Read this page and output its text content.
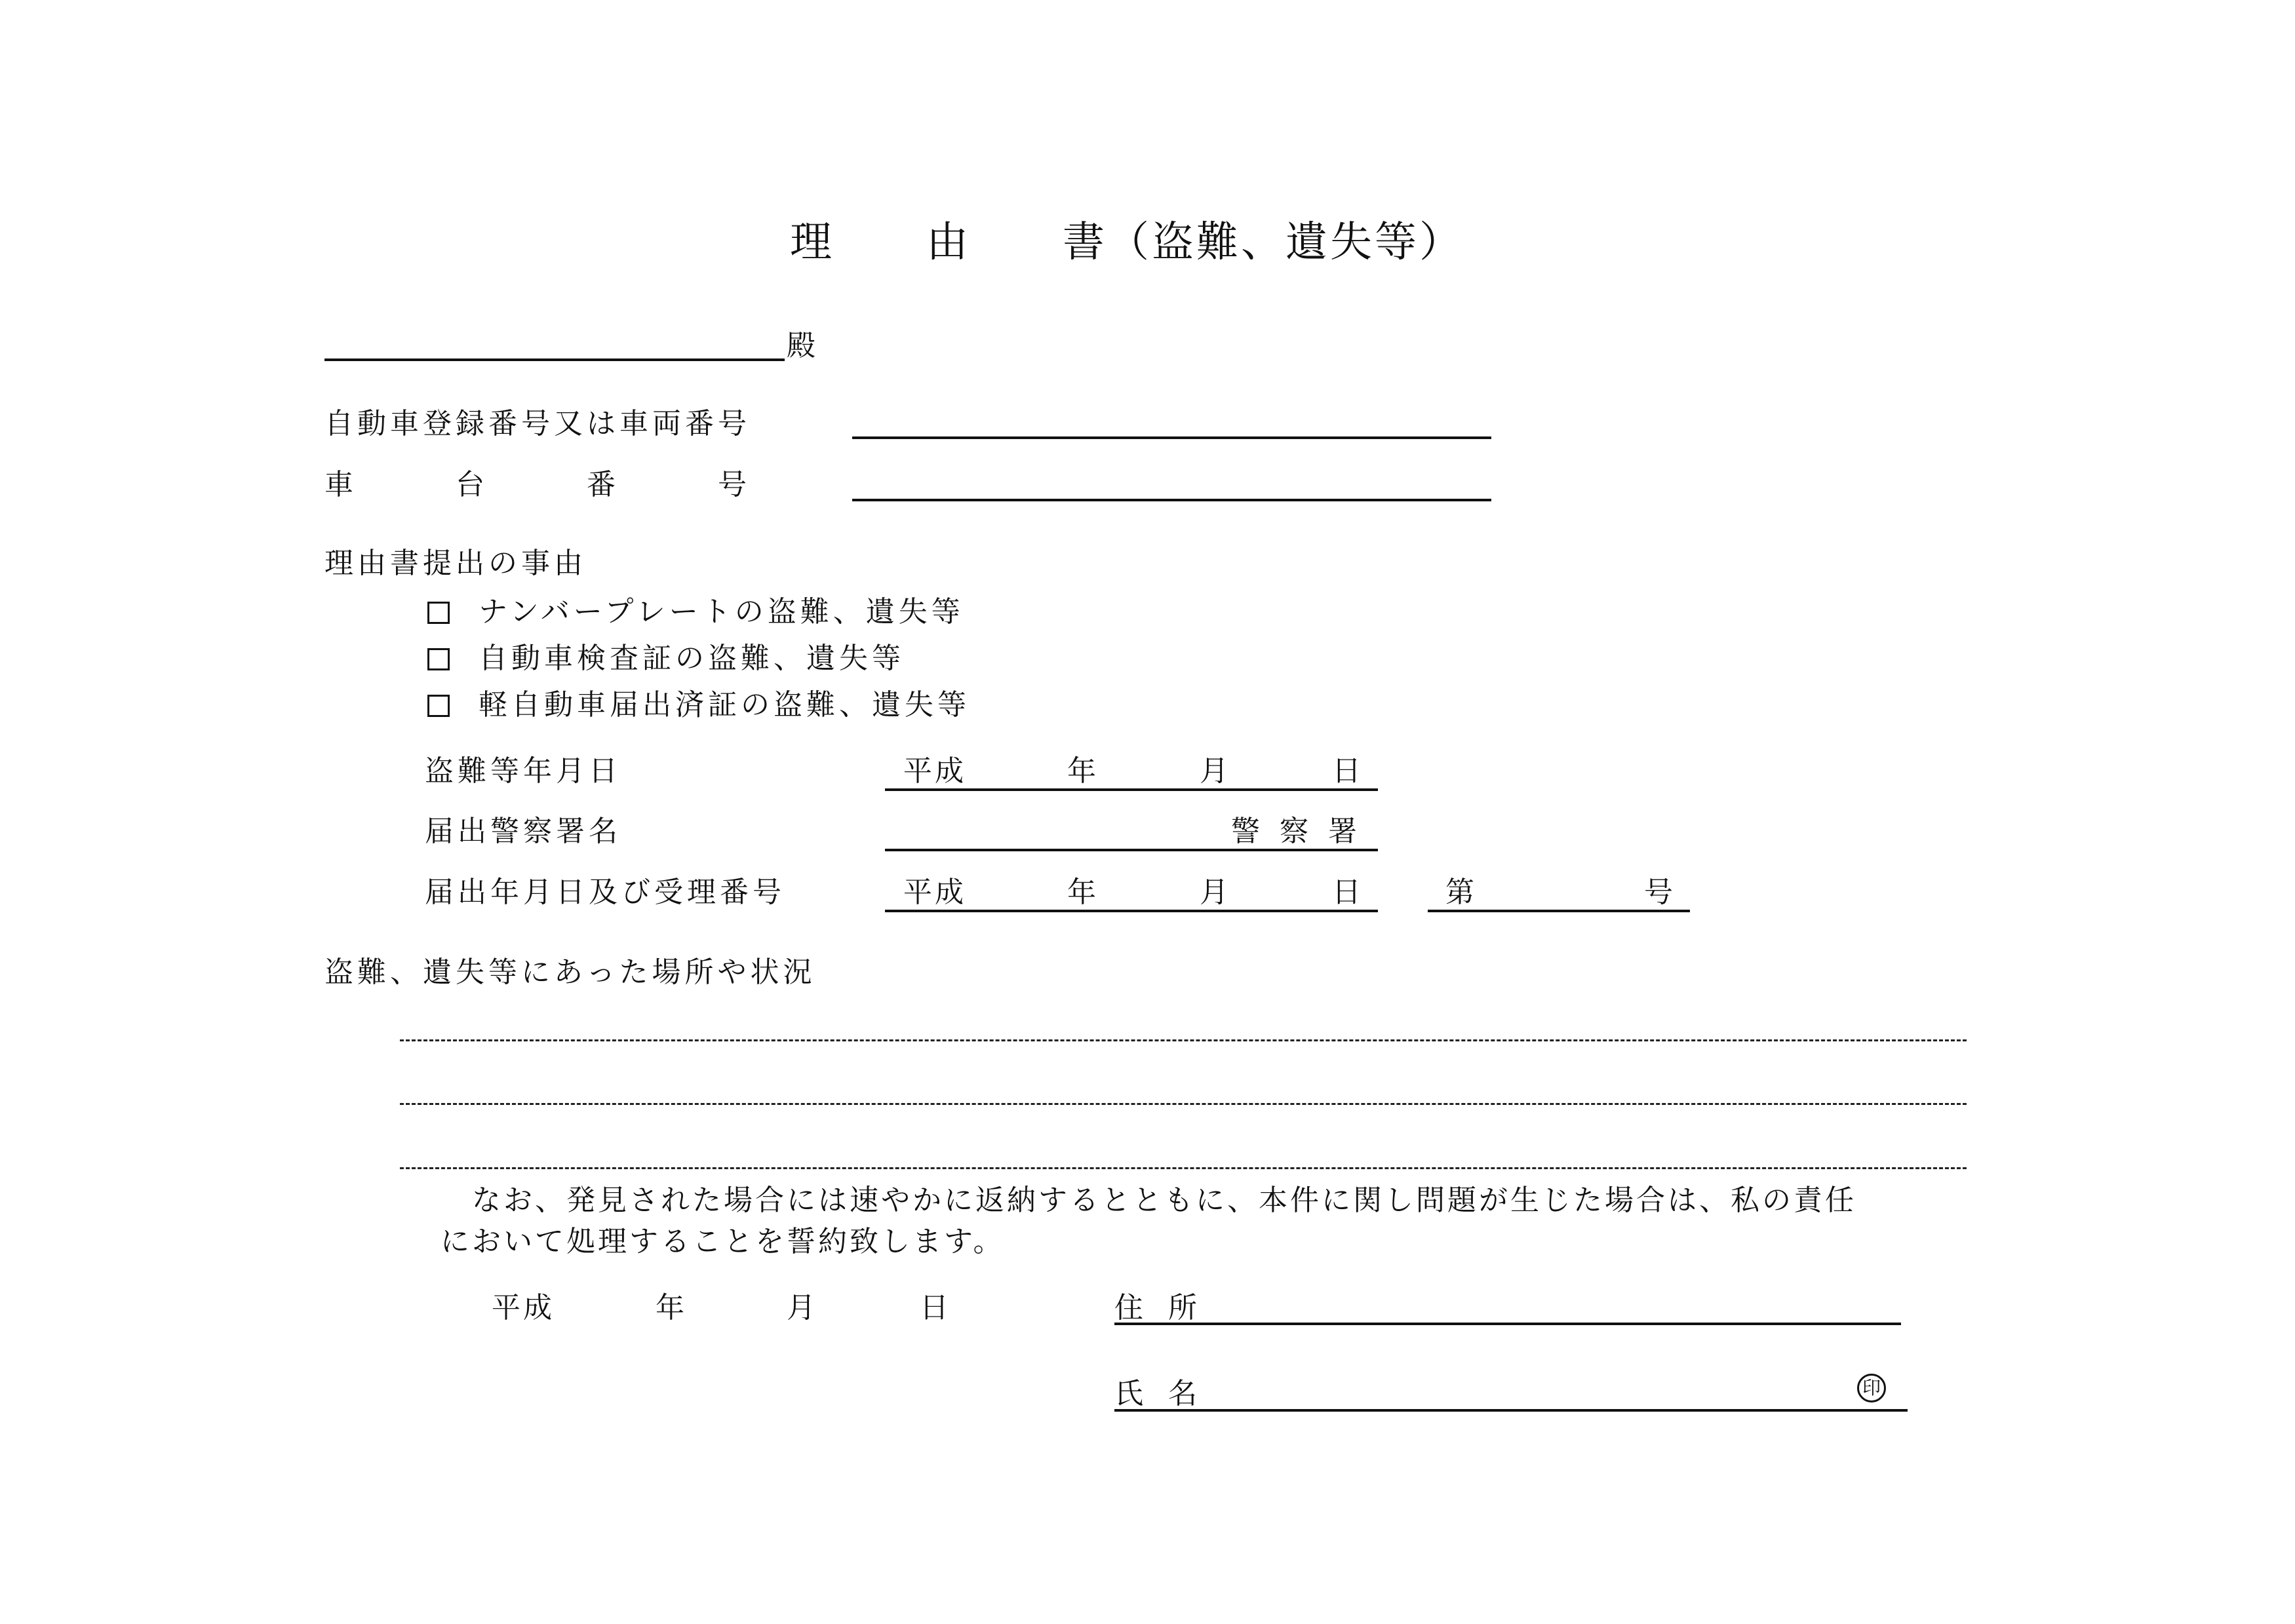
理 由 書（盗難、遺失等）
殿
自動車登録番号又は車両番号
車	台	番	号
理由書提出の事由
ナンバープレートの盗難、遺失等
自動車検査証の盗難、遺失等
軽自動車届出済証の盗難、遺失等
盗難等年月日	平成	年	月	日
届出警察署名	警 察 署
届出年月日及び受理番号	平成	年	月	日	第	号
盗難、遺失等にあった場所や状況
なお、発見された場合には速やかに返納するとともに、本件に関し問題が生じた場合は、私の責任
において処理することを誓約致します。
平成	年	月	日	住 所
氏 名	印
